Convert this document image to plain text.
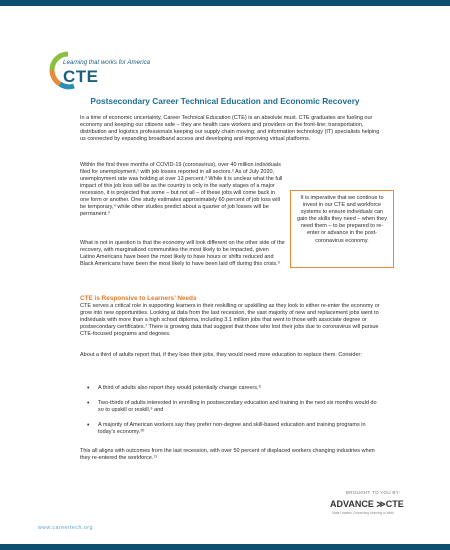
Learning that works for America
CTE
Postsecondary Career Technical Education and Economic Recovery

In a time of economic uncertainty, Career Technical Education (CTE) is an absolute must. CTE graduates are fueling our economy and keeping our citizens safe – they are health care workers and providers on the front-line; transportation, distribution and logistics professionals keeping our supply chain moving; and information technology (IT) specialists helping us connected by expanding broadband access and developing and improving virtual platforms.

Within the first three months of COVID-19 (coronavirus), over 40 million individuals filed for unemployment,¹ with job losses reported in all sectors.² As of July 2020, unemployment rate was holding at over 13 percent.³ While it is unclear what the full impact of this job loss will be as the country is only in the early stages of a major recession, it is projected that some – but not all – of these jobs will come back in one form or another. One study estimates approximately 60 percent of job loss will be temporary,⁴ while other studies predict about a quarter of job losses will be permanent.⁵

What is not in question is that the economy will look different on the other side of the recovery, with marginalized communities the most likely to be impacted, given Latino Americans have been the most likely to have hours or shifts reduced and Black Americans have been the most likely to have been laid off during this crisis.⁶

It is imperative that we continue to invest in our CTE and workforce systems to ensure individuals can gain the skills they need – when they need them – to be prepared to re-enter or advance in the post-coronavirus economy.
CTE is Responsive to Learners’ Needs

CTE serves a critical role in supporting learners in their reskilling or upskilling as they look to either re-enter the economy or grow into new opportunities. Looking at data from the last recession, the vast majority of new and replacement jobs went to individuals with more than a high school diploma, including 3.1 million jobs that went to those with associate degree or postsecondary certificates.⁷ There is growing data that suggest that those who lost their jobs due to coronavirus will pursue CTE-focused programs and degrees.

About a third of adults report that, if they lose their jobs, they would need more education to replace them. Consider:

• A third of adults also report they would potentially change careers,⁸
• Two-thirds of adults interested in enrolling in postsecondary education and training in the next six months would do so to upskill or reskill,⁹ and
• A majority of American workers say they prefer non-degree and skill-based education and training programs in today’s economy.¹⁰

This all aligns with outcomes from the last recession, with over 50 percent of displaced workers changing industries when they re-entered the workforce.¹¹

BROUGHT TO YOU BY:
ADVANCE ≫CTE
State Leaders Connecting Learning to Work
www.careertech.org
